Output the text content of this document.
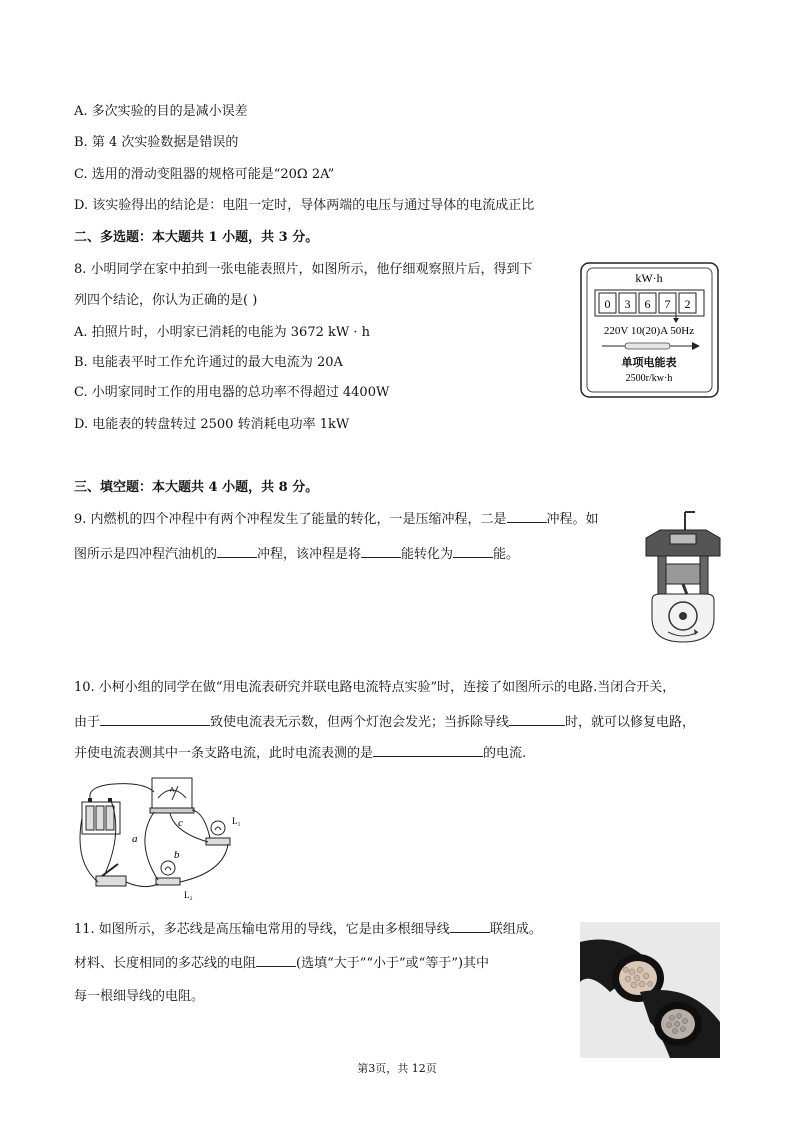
A. 多次实验的目的是减小误差
B. 第 4 次实验数据是错误的
C. 选用的滑动变阻器的规格可能是“20Ω 2A”
D. 该实验得出的结论是：电阻一定时，导体两端的电压与通过导体的电流成正比
二、多选题：本大题共 1 小题，共 3 分。
8. 小明同学在家中拍到一张电能表照片，如图所示，他仔细观察照片后，得到下
列四个结论，你认为正确的是( )
A. 拍照片时，小明家已消耗的电能为 3672 kW · h
B. 电能表平时工作允许通过的最大电流为 20A
C. 小明家同时工作的用电器的总功率不得超过 4400W
D. 电能表的转盘转过 2500 转消耗电功率 1kW
kW·h
0 3 6 7 2
220V 10(20)A 50Hz
单项电能表
2500r/kw·h
三、填空题：本大题共 4 小题，共 8 分。
9. 内燃机的四个冲程中有两个冲程发生了能量的转化，一是压缩冲程，二是	冲程。如
图所示是四冲程汽油机的	冲程，该冲程是将	能转化为	能。
10. 小柯小组的同学在做“用电流表研究并联电路电流特点实验”时，连接了如图所示的电路.当闭合开关，
由于	致使电流表无示数，但两个灯泡会发光；当拆除导线	时，就可以修复电路，
并使电流表测其中一条支路电流，此时电流表测的是	的电流.
A
L₁
L₂
a
b
c
11. 如图所示，多芯线是高压输电常用的导线，它是由多根细导线	联组成。
材料、长度相同的多芯线的电阻	(选填“大于”“小于”或“等于”)其中
每一根细导线的电阻。
第3页，共 12页
